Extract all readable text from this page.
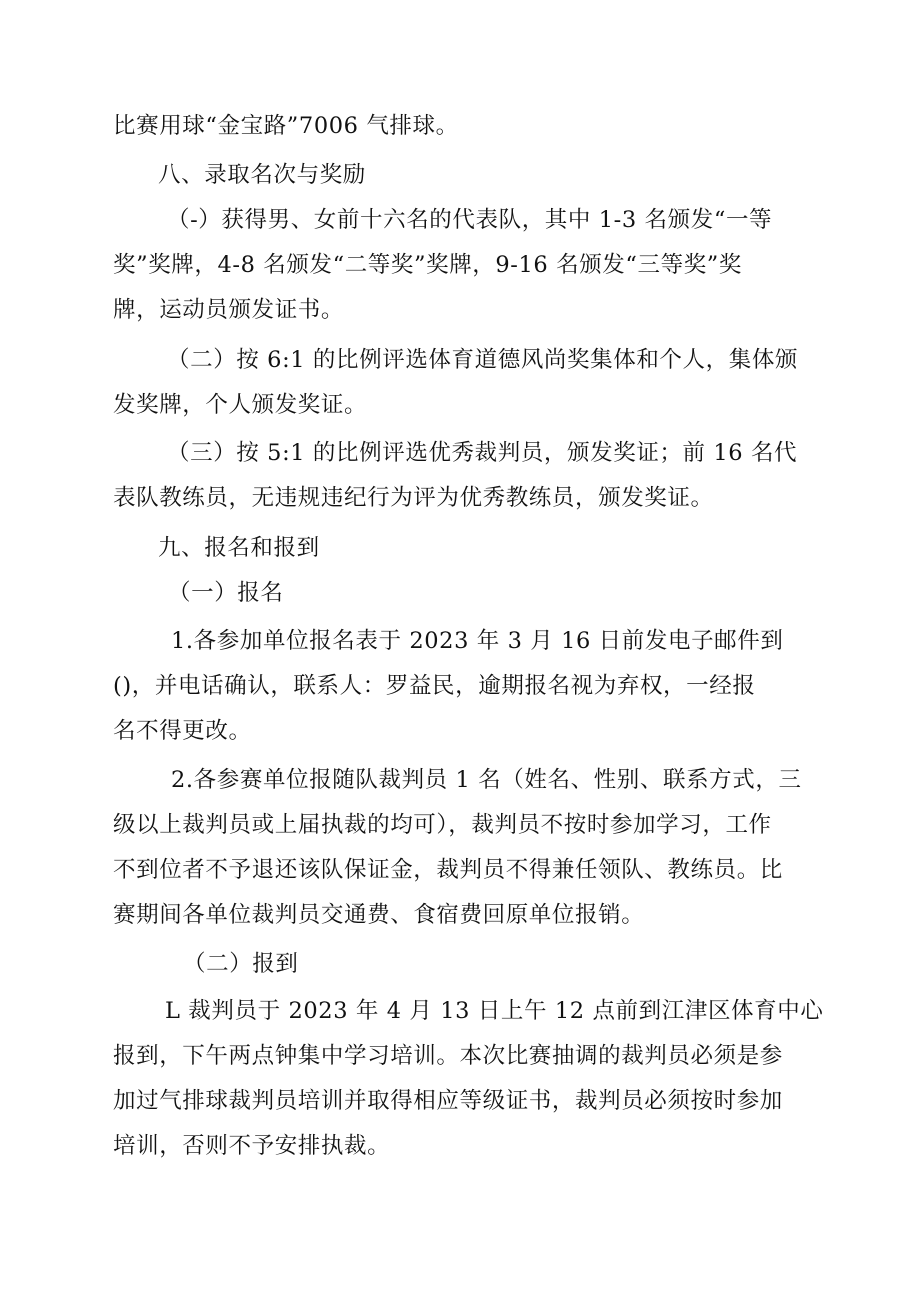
比赛用球“金宝路”7006 气排球。

八、录取名次与奖励

（-）获得男、女前十六名的代表队，其中 1-3 名颁发“一等
奖”奖牌，4-8 名颁发“二等奖”奖牌，9-16 名颁发“三等奖”奖
牌，运动员颁发证书。

（二）按 6:1 的比例评选体育道德风尚奖集体和个人，集体颁
发奖牌，个人颁发奖证。

（三）按 5:1 的比例评选优秀裁判员，颁发奖证；前 16 名代
表队教练员，无违规违纪行为评为优秀教练员，颁发奖证。

九、报名和报到

（一）报名

1.各参加单位报名表于 2023 年 3 月 16 日前发电子邮件到
()，并电话确认，联系人：罗益民，逾期报名视为弃权，一经报
名不得更改。

2.各参赛单位报随队裁判员 1 名（姓名、性别、联系方式，三
级以上裁判员或上届执裁的均可），裁判员不按时参加学习，工作
不到位者不予退还该队保证金，裁判员不得兼任领队、教练员。比
赛期间各单位裁判员交通费、食宿费回原单位报销。

（二）报到

L 裁判员于 2023 年 4 月 13 日上午 12 点前到江津区体育中心
报到，下午两点钟集中学习培训。本次比赛抽调的裁判员必须是参
加过气排球裁判员培训并取得相应等级证书，裁判员必须按时参加
培训，否则不予安排执裁。
